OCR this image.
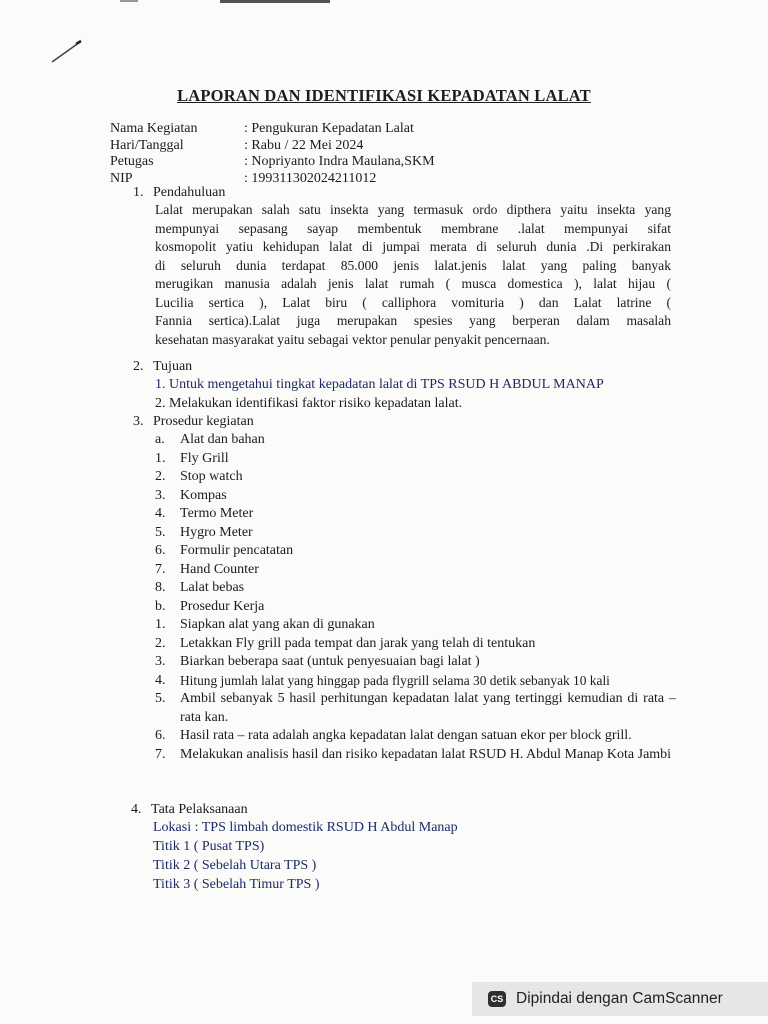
LAPORAN DAN IDENTIFIKASI KEPADATAN LALAT
Nama Kegiatan	: Pengukuran Kepadatan Lalat
Hari/Tanggal	: Rabu / 22 Mei 2024
Petugas	: Nopriyanto Indra Maulana,SKM
NIP	: 199311302024211012
1. Pendahuluan
Lalat merupakan salah satu insekta yang termasuk ordo dipthera yaitu insekta yang
mempunyai sepasang sayap membentuk membrane .lalat mempunyai sifat
kosmopolit yatiu kehidupan lalat di jumpai merata di seluruh dunia .Di perkirakan
di seluruh dunia terdapat 85.000 jenis lalat.jenis lalat yang paling banyak
merugikan manusia adalah jenis lalat rumah ( musca domestica ), lalat hijau (
Lucilia sertica ), Lalat biru ( calliphora vomituria ) dan Lalat latrine (
Fannia sertica).Lalat juga merupakan spesies yang berperan dalam masalah
kesehatan masyarakat yaitu sebagai vektor penular penyakit pencernaan.
2. Tujuan
1. Untuk mengetahui tingkat kepadatan lalat di TPS RSUD H ABDUL MANAP
2. Melakukan identifikasi faktor risiko kepadatan lalat.
3. Prosedur kegiatan
a.	Alat dan bahan
1.	Fly Grill
2.	Stop watch
3.	Kompas
4.	Termo Meter
5.	Hygro Meter
6.	Formulir pencatatan
7.	Hand Counter
8.	Lalat bebas
b.	Prosedur Kerja
1.	Siapkan alat yang akan di gunakan
2.	Letakkan Fly grill pada tempat dan jarak yang telah di tentukan
3.	Biarkan beberapa saat (untuk penyesuaian bagi lalat )
4.	Hitung jumlah lalat yang hinggap pada flygrill selama 30 detik sebanyak 10 kali
5.	Ambil sebanyak 5 hasil perhitungan kepadatan lalat yang tertinggi kemudian di rata – rata kan.
6.	Hasil rata – rata adalah angka kepadatan lalat dengan satuan ekor per block grill.
7.	Melakukan analisis hasil dan risiko kepadatan lalat RSUD H. Abdul Manap Kota Jambi
4. Tata Pelaksanaan
Lokasi : TPS limbah domestik RSUD H Abdul Manap
Titik 1 ( Pusat TPS)
Titik 2 ( Sebelah Utara TPS )
Titik 3 ( Sebelah Timur TPS )
CS Dipindai dengan CamScanner
